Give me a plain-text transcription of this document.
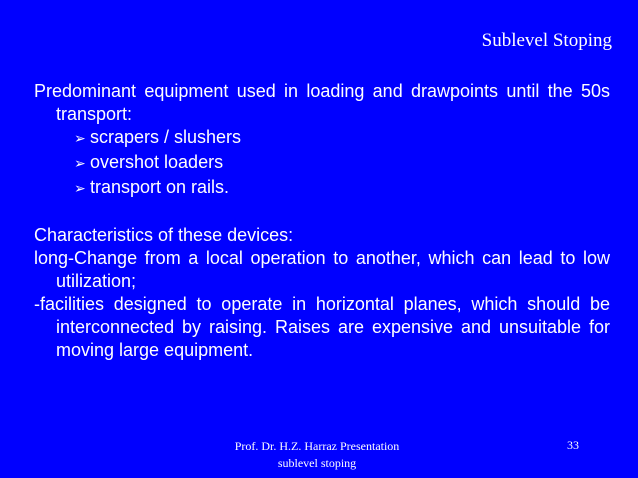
Sublevel Stoping

Predominant equipment used in loading and drawpoints until the 50s transport:

➢ scrapers / slushers
➢ overshot loaders
➢ transport on rails.

Characteristics of these devices:

long-Change from a local operation to another, which can lead to low utilization;

-facilities designed to operate in horizontal planes, which should be interconnected by raising. Raises are expensive and unsuitable for moving large equipment.

Prof. Dr. H.Z. Harraz Presentation
sublevel stoping
33
